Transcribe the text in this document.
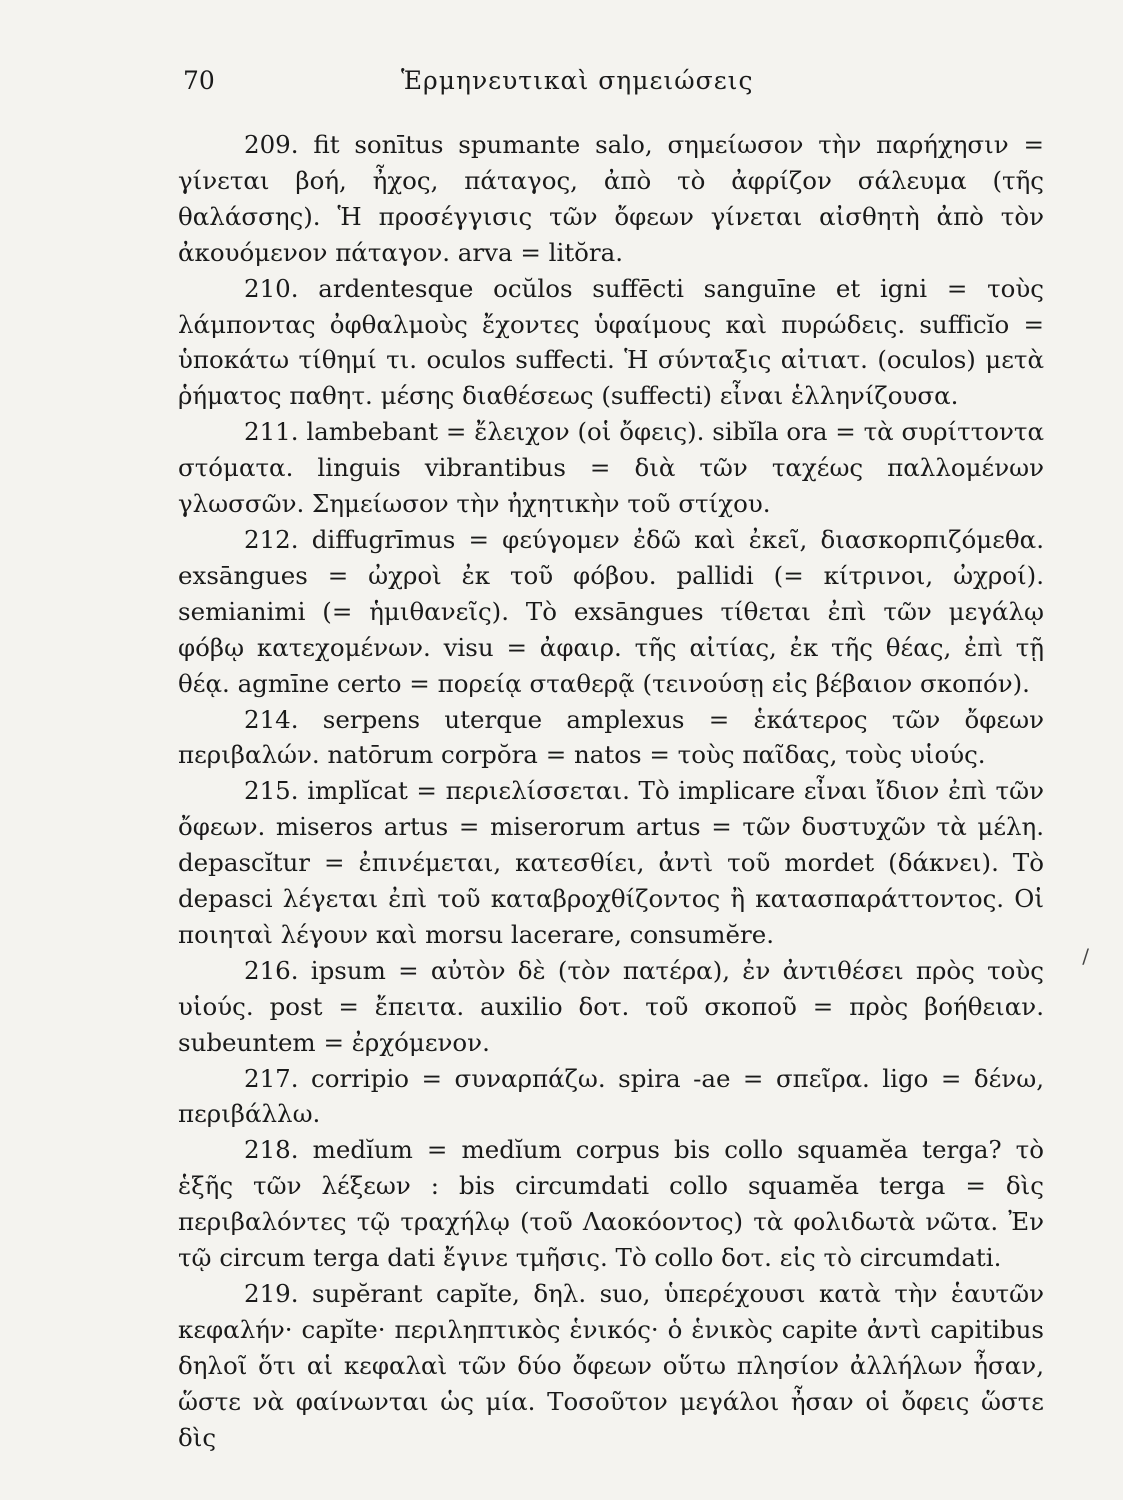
70	Ἑρμηνευτικαὶ σημειώσεις

209. fit sonītus spumante salo, σημείωσον τὴν παρήχησιν = γίνεται βοή, ἦχος, πάταγος, ἀπὸ τὸ ἀφρίζον σάλευμα (τῆς θαλάσσης). Ἡ προσέγγισις τῶν ὄφεων γίνεται αἰσθητὴ ἀπὸ τὸν ἀκουόμενον πάταγον. arva = litŏra.

210. ardentesque ocŭlos suffēcti sanguīne et igni = τοὺς λάμποντας ὀφθαλμοὺς ἔχοντες ὑφαίμους καὶ πυρώδεις. sufficĭo = ὑποκάτω τίθημί τι. oculos suffecti. Ἡ σύνταξις αἰτιατ. (oculos) μετὰ ῥήματος παθητ. μέσης διαθέσεως (suffecti) εἶναι ἑλληνίζουσα.

211. lambebant = ἔλειχον (οἱ ὄφεις). sibĭla ora = τὰ συρίττοντα στόματα. linguis vibrantibus = διὰ τῶν ταχέως παλλομένων γλωσσῶν. Σημείωσον τὴν ἠχητικὴν τοῦ στίχου.

212. diffugrīmus = φεύγομεν ἐδῶ καὶ ἐκεῖ, διασκορπιζόμεθα. exsāngues = ὠχροὶ ἐκ τοῦ φόβου. pallidi (= κίτρινοι, ὠχροί). semianimi (= ἡμιθανεῖς). Τὸ exsāngues τίθεται ἐπὶ τῶν μεγάλῳ φόβῳ κατεχομένων. visu = ἀφαιρ. τῆς αἰτίας, ἐκ τῆς θέας, ἐπὶ τῇ θέᾳ. agmīne certo = πορείᾳ σταθερᾷ (τεινούσῃ εἰς βέβαιον σκοπόν).

214. serpens uterque amplexus = ἑκάτερος τῶν ὄφεων περιβαλών. natōrum corpŏra = natos = τοὺς παῖδας, τοὺς υἱούς.

215. implĭcat = περιελίσσεται. Τὸ implicare εἶναι ἴδιον ἐπὶ τῶν ὄφεων. miseros artus = miserorum artus = τῶν δυστυχῶν τὰ μέλη. depascĭtur = ἐπινέμεται, κατεσθίει, ἀντὶ τοῦ mordet (δάκνει). Τὸ depasci λέγεται ἐπὶ τοῦ καταβροχθίζοντος ἢ κατασπαράττοντος. Οἱ ποιηταὶ λέγουν καὶ morsu lacerare, consumĕre.

216. ipsum = αὐτὸν δὲ (τὸν πατέρα), ἐν ἀντιθέσει πρὸς τοὺς υἱούς. post = ἔπειτα. auxilio δοτ. τοῦ σκοποῦ = πρὸς βοήθειαν. subeuntem = ἐρχόμενον.

217. corripio = συναρπάζω. spira -ae = σπεῖρα. ligo = δένω, περιβάλλω.

218. medĭum = medĭum corpus bis collo squamĕa terga? τὸ ἑξῆς τῶν λέξεων : bis circumdati collo squamĕa terga = δὶς περιβαλόντες τῷ τραχήλῳ (τοῦ Λαοκόοντος) τὰ φολιδωτὰ νῶτα. Ἐν τῷ circum terga dati ἔγινε τμῆσις. Τὸ collo δοτ. εἰς τὸ circumdati.

219. supĕrant capĭte, δηλ. suo, ὑπερέχουσι κατὰ τὴν ἑαυτῶν κεφαλήν· capĭte· περιληπτικὸς ἑνικός· ὁ ἑνικὸς capite ἀντὶ capitibus δηλοῖ ὅτι αἱ κεφαλαὶ τῶν δύο ὄφεων οὕτω πλησίον ἀλλήλων ἦσαν, ὥστε νὰ φαίνωνται ὡς μία. Τοσοῦτον μεγάλοι ἦσαν οἱ ὄφεις ὥστε δὶς

/
